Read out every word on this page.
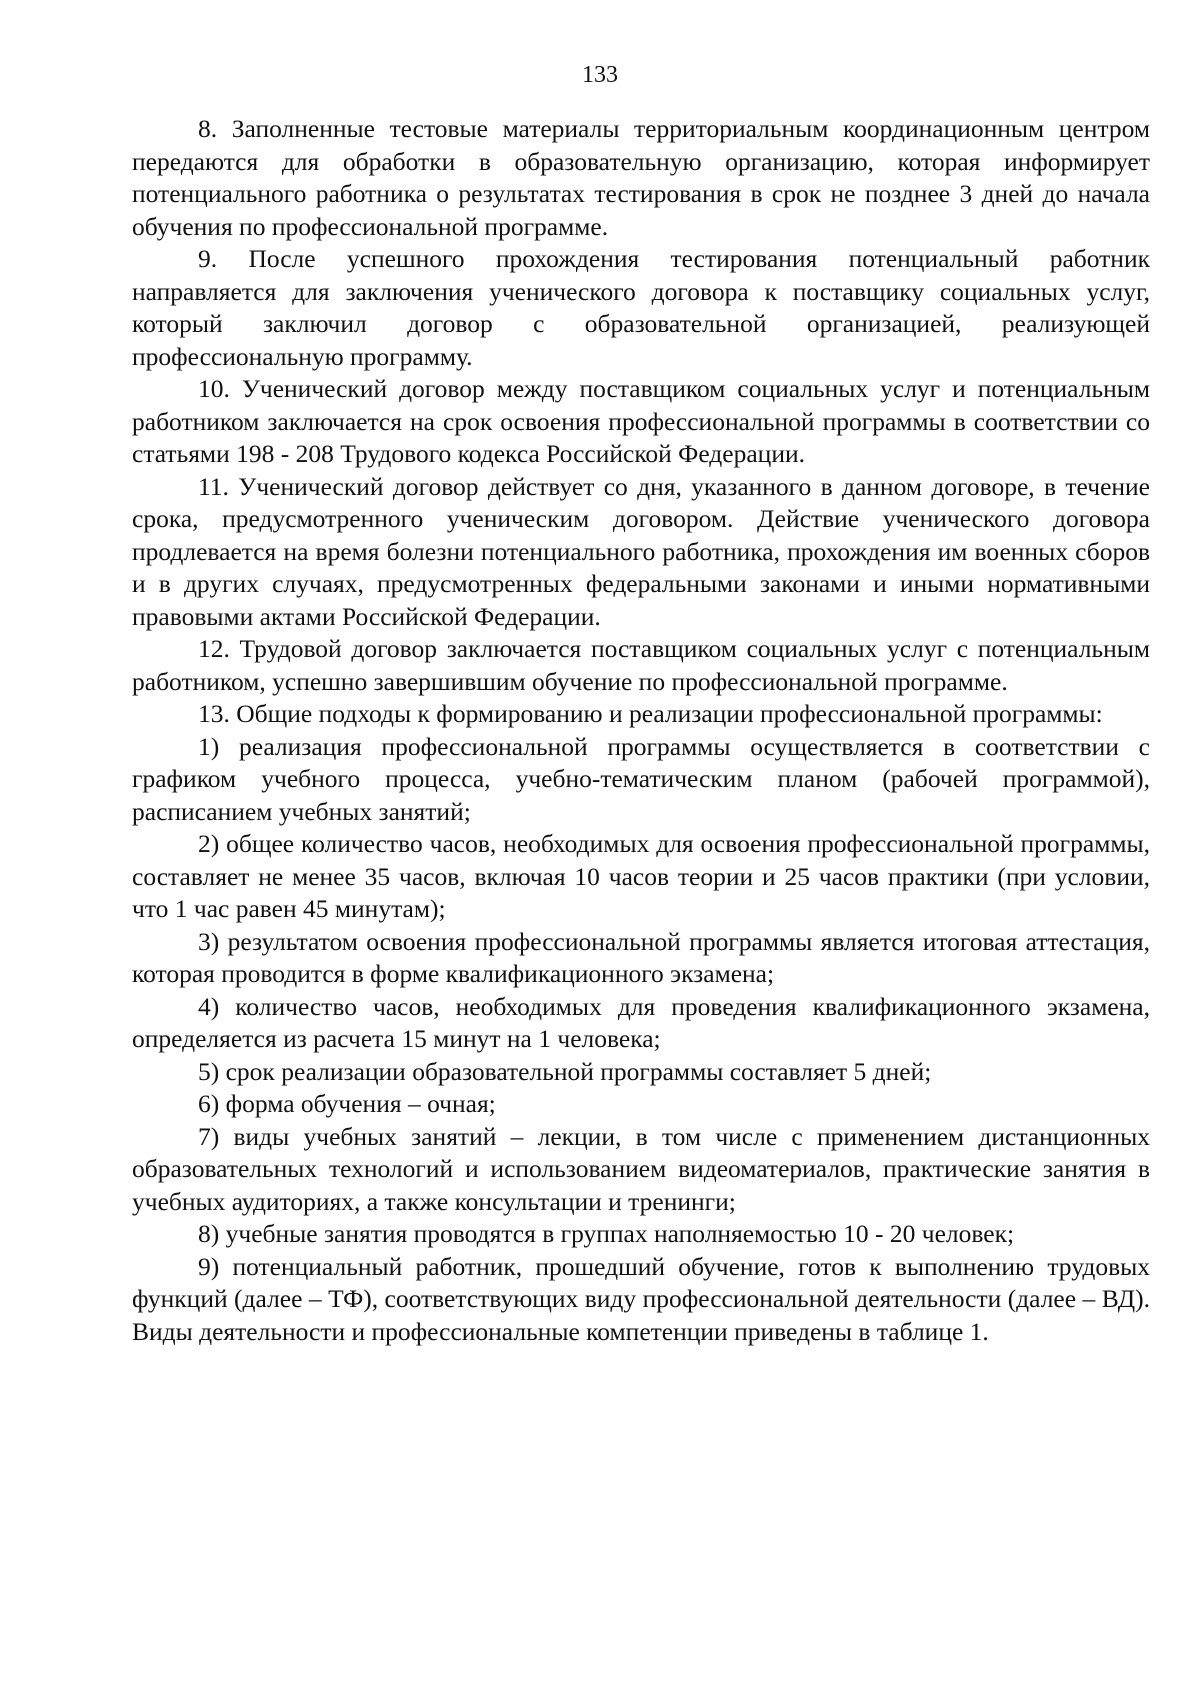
133

8. Заполненные тестовые материалы территориальным координационным центром передаются для обработки в образовательную организацию, которая информирует потенциального работника о результатах тестирования в срок не позднее 3 дней до начала обучения по профессиональной программе.

9. После успешного прохождения тестирования потенциальный работник направляется для заключения ученического договора к поставщику социальных услуг, который заключил договор с образовательной организацией, реализующей профессиональную программу.

10. Ученический договор между поставщиком социальных услуг и потенциальным работником заключается на срок освоения профессиональной программы в соответствии со статьями 198 - 208 Трудового кодекса Российской Федерации.

11. Ученический договор действует со дня, указанного в данном договоре, в течение срока, предусмотренного ученическим договором. Действие ученического договора продлевается на время болезни потенциального работника, прохождения им военных сборов и в других случаях, предусмотренных федеральными законами и иными нормативными правовыми актами Российской Федерации.

12. Трудовой договор заключается поставщиком социальных услуг с потенциальным работником, успешно завершившим обучение по профессиональной программе.

13. Общие подходы к формированию и реализации профессиональной программы:

1) реализация профессиональной программы осуществляется в соответствии с графиком учебного процесса, учебно-тематическим планом (рабочей программой), расписанием учебных занятий;

2) общее количество часов, необходимых для освоения профессиональной программы, составляет не менее 35 часов, включая 10 часов теории и 25 часов практики (при условии, что 1 час равен 45 минутам);

3) результатом освоения профессиональной программы является итоговая аттестация, которая проводится в форме квалификационного экзамена;

4) количество часов, необходимых для проведения квалификационного экзамена, определяется из расчета 15 минут на 1 человека;

5) срок реализации образовательной программы составляет 5 дней;

6) форма обучения – очная;

7) виды учебных занятий – лекции, в том числе с применением дистанционных образовательных технологий и использованием видеоматериалов, практические занятия в учебных аудиториях, а также консультации и тренинги;

8) учебные занятия проводятся в группах наполняемостью 10 - 20 человек;

9) потенциальный работник, прошедший обучение, готов к выполнению трудовых функций (далее – ТФ), соответствующих виду профессиональной деятельности (далее – ВД). Виды деятельности и профессиональные компетенции приведены в таблице 1.
